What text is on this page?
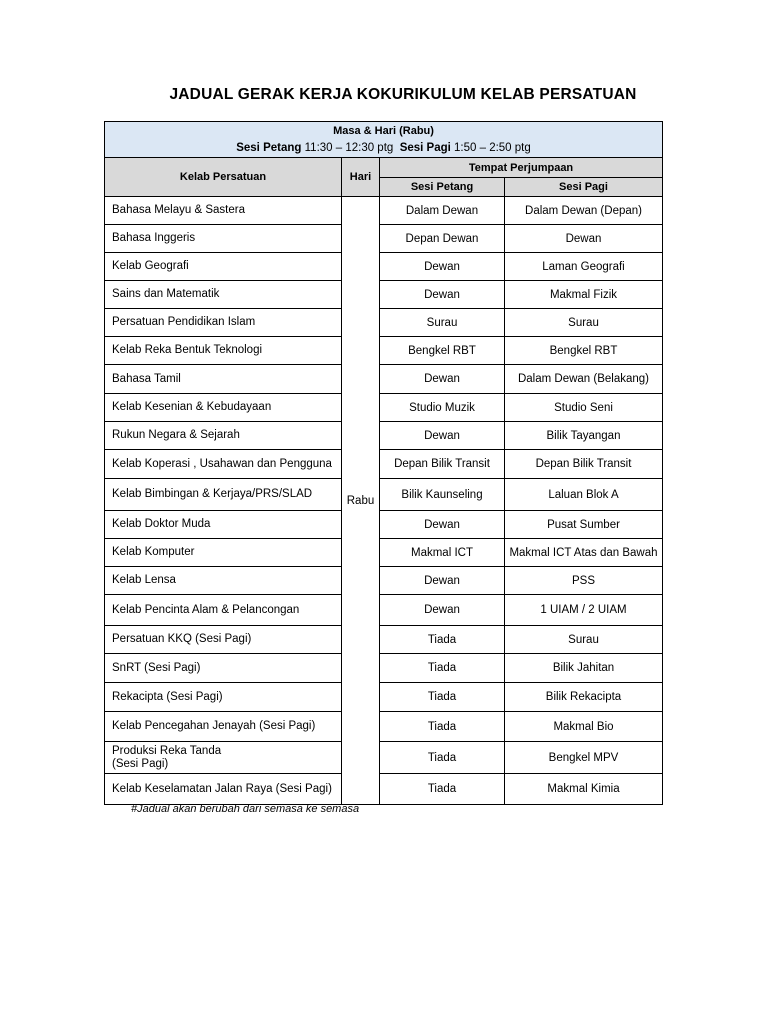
JADUAL GERAK KERJA KOKURIKULUM KELAB PERSATUAN
Masa & Hari (Rabu)
Sesi Petang 11:30 – 12:30 ptg Sesi Pagi 1:50 – 2:50 ptg			

Kelab Persatuan	Hari	Tempat Perjumpaan	
		Sesi Petang	Sesi Pagi
Bahasa Melayu & Sastera	Rabu	Dalam Dewan	Dalam Dewan (Depan)
Bahasa Inggeris		Depan Dewan	Dewan
Kelab Geografi		Dewan	Laman Geografi
Sains dan Matematik		Dewan	Makmal Fizik
Persatuan Pendidikan Islam		Surau	Surau
Kelab Reka Bentuk Teknologi		Bengkel RBT	Bengkel RBT
Bahasa Tamil		Dewan	Dalam Dewan (Belakang)
Kelab Kesenian & Kebudayaan		Studio Muzik	Studio Seni
Rukun Negara & Sejarah		Dewan	Bilik Tayangan
Kelab Koperasi , Usahawan dan Pengguna		Depan Bilik Transit	Depan Bilik Transit
Kelab Bimbingan & Kerjaya/PRS/SLAD		Bilik Kaunseling	Laluan Blok A
Kelab Doktor Muda		Dewan	Pusat Sumber
Kelab Komputer		Makmal ICT	Makmal ICT Atas dan Bawah
Kelab Lensa		Dewan	PSS
Kelab Pencinta Alam & Pelancongan		Dewan	1 UIAM / 2 UIAM
Persatuan KKQ (Sesi Pagi)		Tiada	Surau
SnRT (Sesi Pagi)		Tiada	Bilik Jahitan
Rekacipta (Sesi Pagi)		Tiada	Bilik Rekacipta
Kelab Pencegahan Jenayah (Sesi Pagi)		Tiada	Makmal Bio
Produksi Reka Tanda
(Sesi Pagi)		Tiada	Bengkel MPV
Kelab Keselamatan Jalan Raya (Sesi Pagi)		Tiada	Makmal Kimia
#Jadual akan berubah dari semasa ke semasa
